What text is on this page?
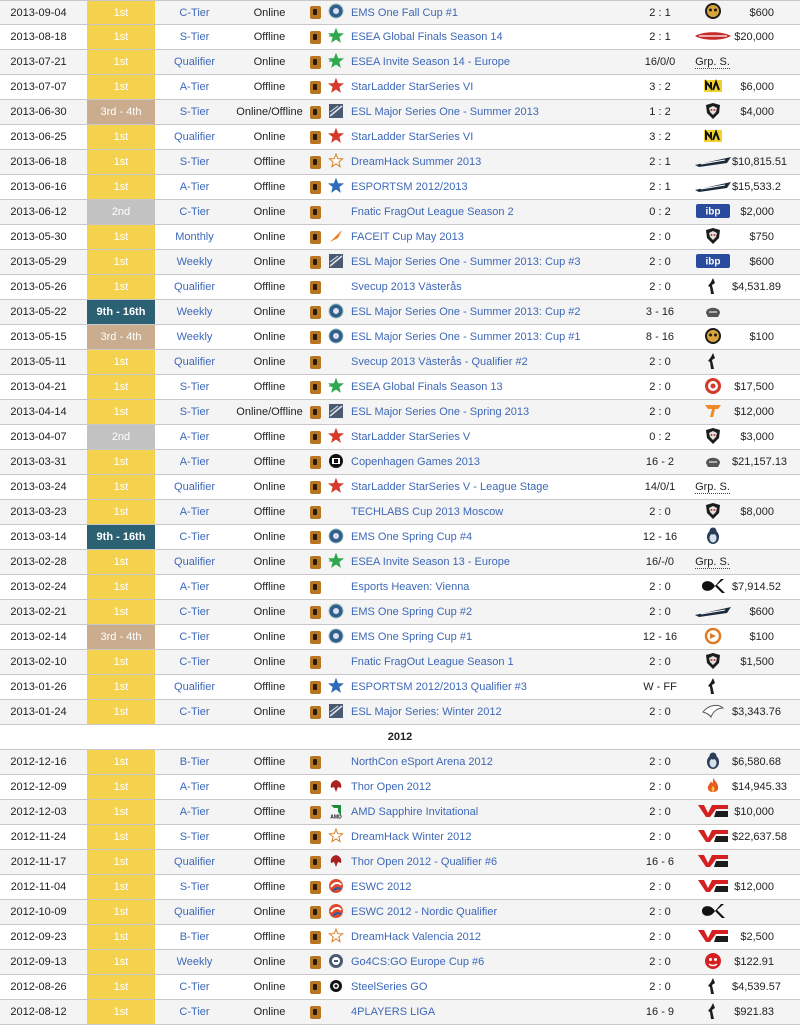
2013-09-04	1st	C-Tier	Online			EMS One Fall Cup #1	2 : 1		$600
2013-08-18	1st	S-Tier	Offline			ESEA Global Finals Season 14	2 : 1		$20,000
2013-07-21	1st	Qualifier	Online			ESEA Invite Season 14 - Europe	16/0/0	Grp. S.	
2013-07-07	1st	A-Tier	Offline			StarLadder StarSeries VI	3 : 2		$6,000
2013-06-30	3rd - 4th	S-Tier	Online/Offline			ESL Major Series One - Summer 2013	1 : 2		$4,000
2013-06-25	1st	Qualifier	Online			StarLadder StarSeries VI	3 : 2		
2013-06-18	1st	S-Tier	Offline			DreamHack Summer 2013	2 : 1		$10,815.51
2013-06-16	1st	A-Tier	Offline			ESPORTSM 2012/2013	2 : 1		$15,533.2
2013-06-12	2nd	C-Tier	Online			Fnatic FragOut League Season 2	0 : 2	ibp	$2,000
2013-05-30	1st	Monthly	Online			FACEIT Cup May 2013	2 : 0		$750
2013-05-29	1st	Weekly	Online			ESL Major Series One - Summer 2013: Cup #3	2 : 0	ibp	$600
2013-05-26	1st	Qualifier	Offline			Svecup 2013 Västerås	2 : 0		$4,531.89
2013-05-22	9th - 16th	Weekly	Online			ESL Major Series One - Summer 2013: Cup #2	3 - 16		
2013-05-15	3rd - 4th	Weekly	Online			ESL Major Series One - Summer 2013: Cup #1	8 - 16		$100
2013-05-11	1st	Qualifier	Online			Svecup 2013 Västerås - Qualifier #2	2 : 0		
2013-04-21	1st	S-Tier	Offline			ESEA Global Finals Season 13	2 : 0		$17,500
2013-04-14	1st	S-Tier	Online/Offline			ESL Major Series One - Spring 2013	2 : 0		$12,000
2013-04-07	2nd	A-Tier	Offline			StarLadder StarSeries V	0 : 2		$3,000
2013-03-31	1st	A-Tier	Offline			Copenhagen Games 2013	16 - 2		$21,157.13
2013-03-24	1st	Qualifier	Online			StarLadder StarSeries V - League Stage	14/0/1	Grp. S.	
2013-03-23	1st	A-Tier	Offline			TECHLABS Cup 2013 Moscow	2 : 0		$8,000
2013-03-14	9th - 16th	C-Tier	Online			EMS One Spring Cup #4	12 - 16		
2013-02-28	1st	Qualifier	Online			ESEA Invite Season 13 - Europe	16/-/0	Grp. S.	
2013-02-24	1st	A-Tier	Offline			Esports Heaven: Vienna	2 : 0		$7,914.52
2013-02-21	1st	C-Tier	Online			EMS One Spring Cup #2	2 : 0		$600
2013-02-14	3rd - 4th	C-Tier	Online			EMS One Spring Cup #1	12 - 16		$100
2013-02-10	1st	C-Tier	Online			Fnatic FragOut League Season 1	2 : 0		$1,500
2013-01-26	1st	Qualifier	Offline			ESPORTSM 2012/2013 Qualifier #3	W - FF		
2013-01-24	1st	C-Tier	Online			ESL Major Series: Winter 2012	2 : 0		$3,343.76
2012									
2012-12-16	1st	B-Tier	Offline			NorthCon eSport Arena 2012	2 : 0		$6,580.68
2012-12-09	1st	A-Tier	Offline			Thor Open 2012	2 : 0		$14,945.33
2012-12-03	1st	A-Tier	Offline		AMD	AMD Sapphire Invitational	2 : 0		$10,000
2012-11-24	1st	S-Tier	Offline			DreamHack Winter 2012	2 : 0		$22,637.58
2012-11-17	1st	Qualifier	Offline			Thor Open 2012 - Qualifier #6	16 - 6		
2012-11-04	1st	S-Tier	Offline			ESWC 2012	2 : 0		$12,000
2012-10-09	1st	Qualifier	Online			ESWC 2012 - Nordic Qualifier	2 : 0		
2012-09-23	1st	B-Tier	Offline			DreamHack Valencia 2012	2 : 0		$2,500
2012-09-13	1st	Weekly	Online			Go4CS:GO Europe Cup #6	2 : 0		$122.91
2012-08-26	1st	C-Tier	Online			SteelSeries GO	2 : 0		$4,539.57
2012-08-12	1st	C-Tier	Online			4PLAYERS LIGA	16 - 9		$921.83
